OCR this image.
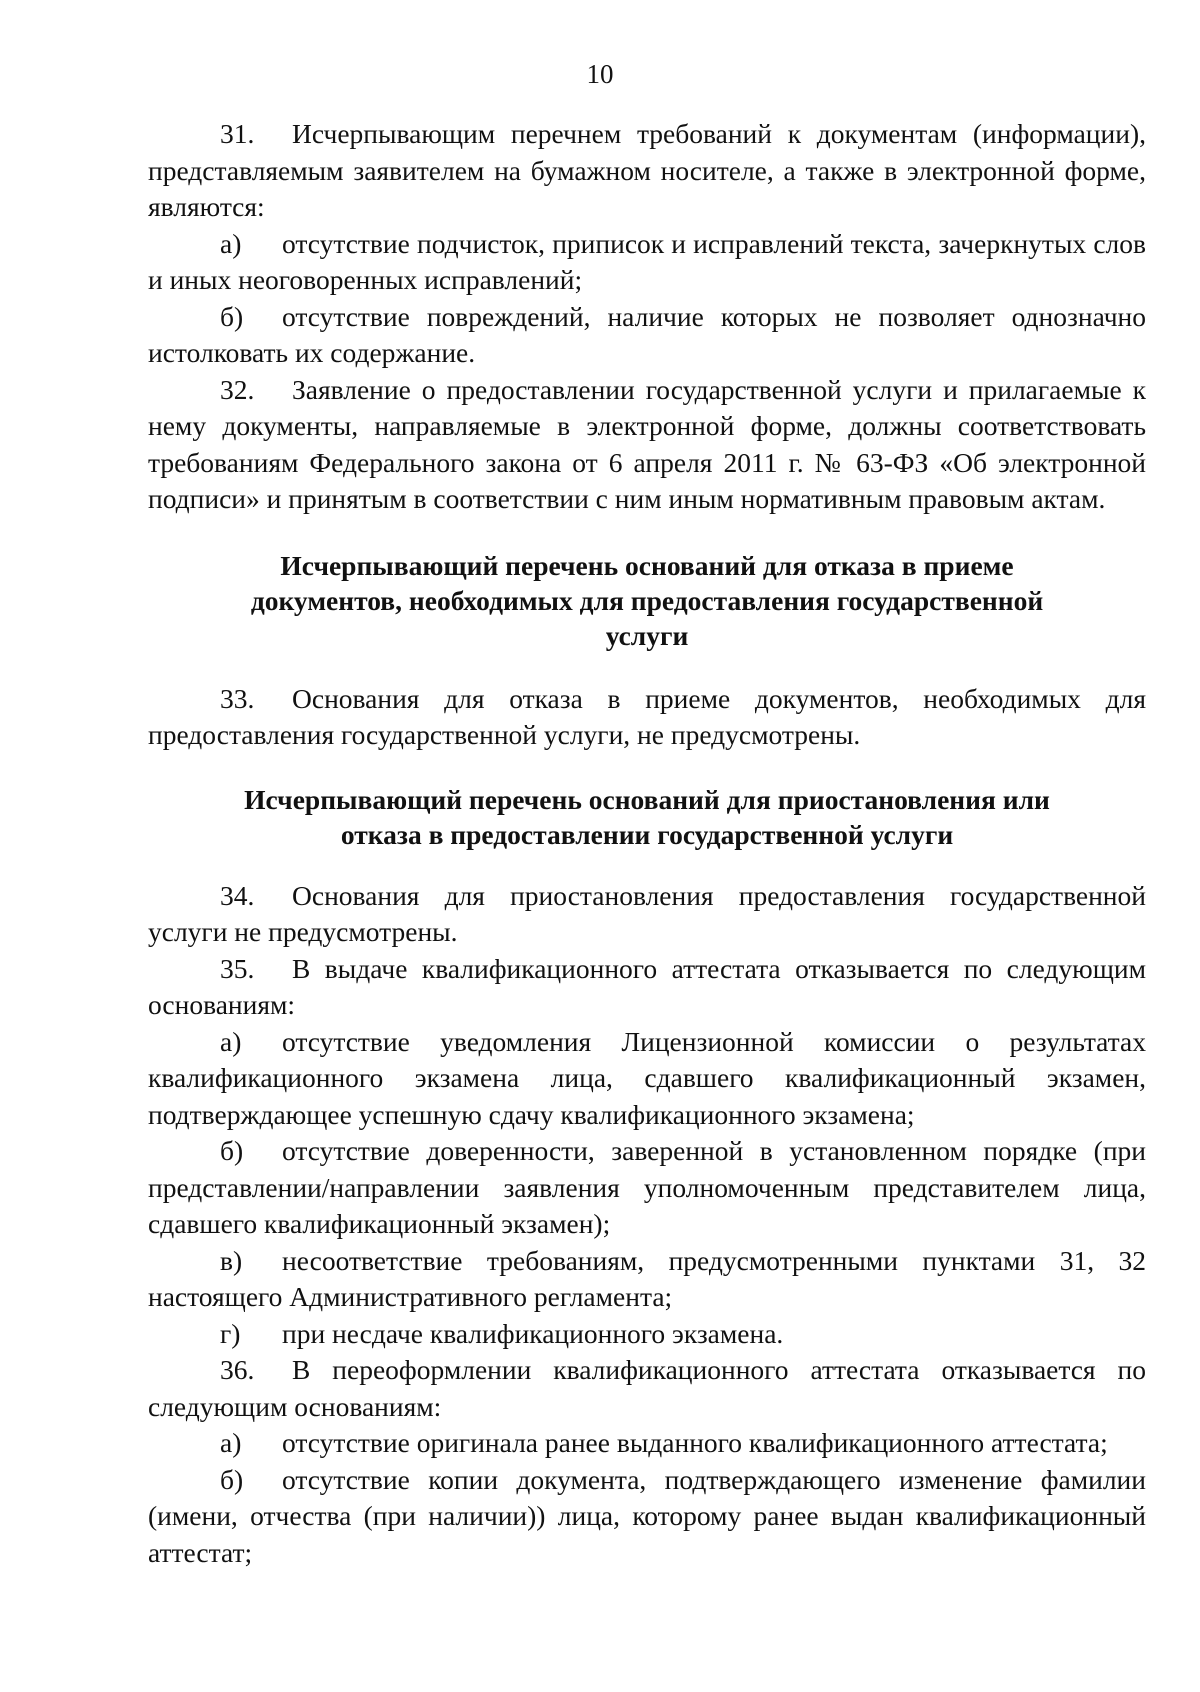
10

31. Исчерпывающим перечнем требований к документам (информации), представляемым заявителем на бумажном носителе, а также в электронной форме, являются:

а) отсутствие подчисток, приписок и исправлений текста, зачеркнутых слов и иных неоговоренных исправлений;

б) отсутствие повреждений, наличие которых не позволяет однозначно истолковать их содержание.

32. Заявление о предоставлении государственной услуги и прилагаемые к нему документы, направляемые в электронной форме, должны соответствовать требованиям Федерального закона от 6 апреля 2011 г. № 63-ФЗ «Об электронной подписи» и принятым в соответствии с ним иным нормативным правовым актам.

Исчерпывающий перечень оснований для отказа в приеме документов, необходимых для предоставления государственной услуги

33. Основания для отказа в приеме документов, необходимых для предоставления государственной услуги, не предусмотрены.

Исчерпывающий перечень оснований для приостановления или отказа в предоставлении государственной услуги

34. Основания для приостановления предоставления государственной услуги не предусмотрены.

35. В выдаче квалификационного аттестата отказывается по следующим основаниям:

а) отсутствие уведомления Лицензионной комиссии о результатах квалификационного экзамена лица, сдавшего квалификационный экзамен, подтверждающее успешную сдачу квалификационного экзамена;

б) отсутствие доверенности, заверенной в установленном порядке (при представлении/направлении заявления уполномоченным представителем лица, сдавшего квалификационный экзамен);

в) несоответствие требованиям, предусмотренными пунктами 31, 32 настоящего Административного регламента;

г) при несдаче квалификационного экзамена.

36. В переоформлении квалификационного аттестата отказывается по следующим основаниям:

а) отсутствие оригинала ранее выданного квалификационного аттестата;

б) отсутствие копии документа, подтверждающего изменение фамилии (имени, отчества (при наличии)) лица, которому ранее выдан квалификационный аттестат;
